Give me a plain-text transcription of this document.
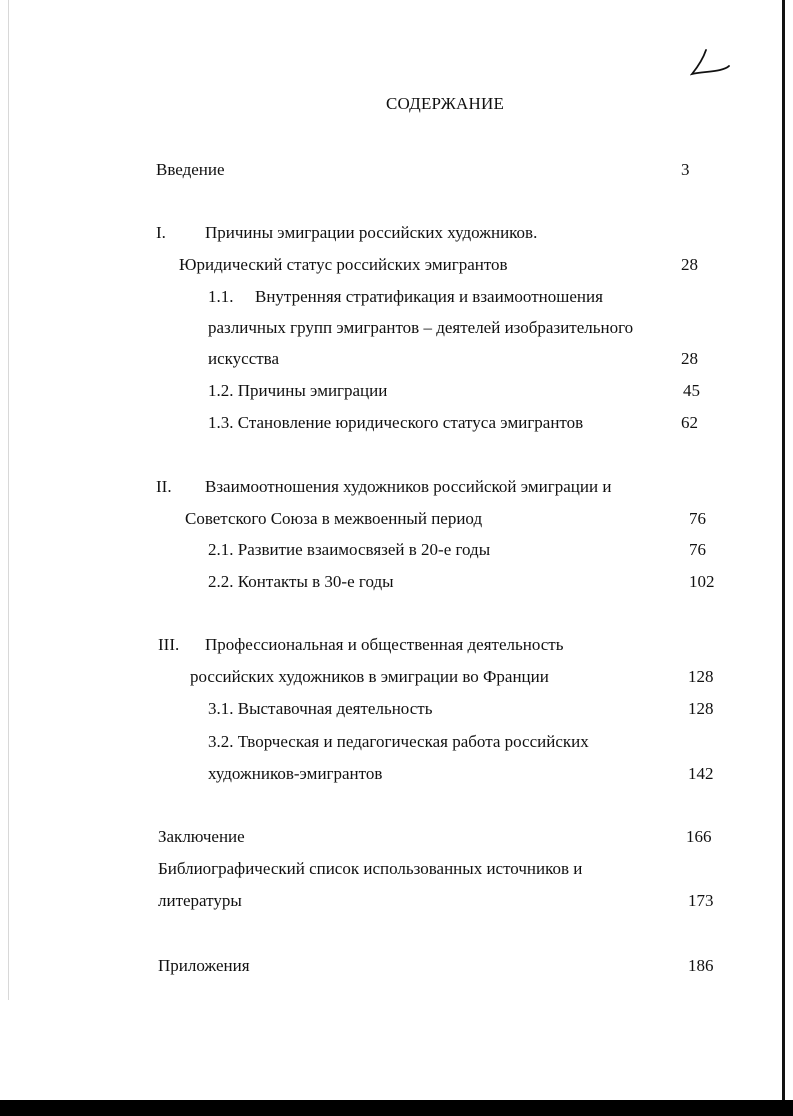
СОДЕРЖАНИЕ
Введение	3
I. Причины эмиграции российских художников.
Юридический статус российских эмигрантов	28
1.1. Внутренняя стратификация и взаимоотношения
различных групп эмигрантов – деятелей изобразительного
искусства	28
1.2. Причины эмиграции	45
1.3. Становление юридического статуса эмигрантов	62
II. Взаимоотношения художников российской эмиграции и
Советского Союза в межвоенный период	76
2.1. Развитие взаимосвязей в 20-е годы	76
2.2. Контакты в 30-е годы	102
III. Профессиональная и общественная деятельность
российских художников в эмиграции во Франции	128
3.1. Выставочная деятельность	128
3.2. Творческая и педагогическая работа российских
художников-эмигрантов	142
Заключение	166
Библиографический список использованных источников и
литературы	173
Приложения	186
